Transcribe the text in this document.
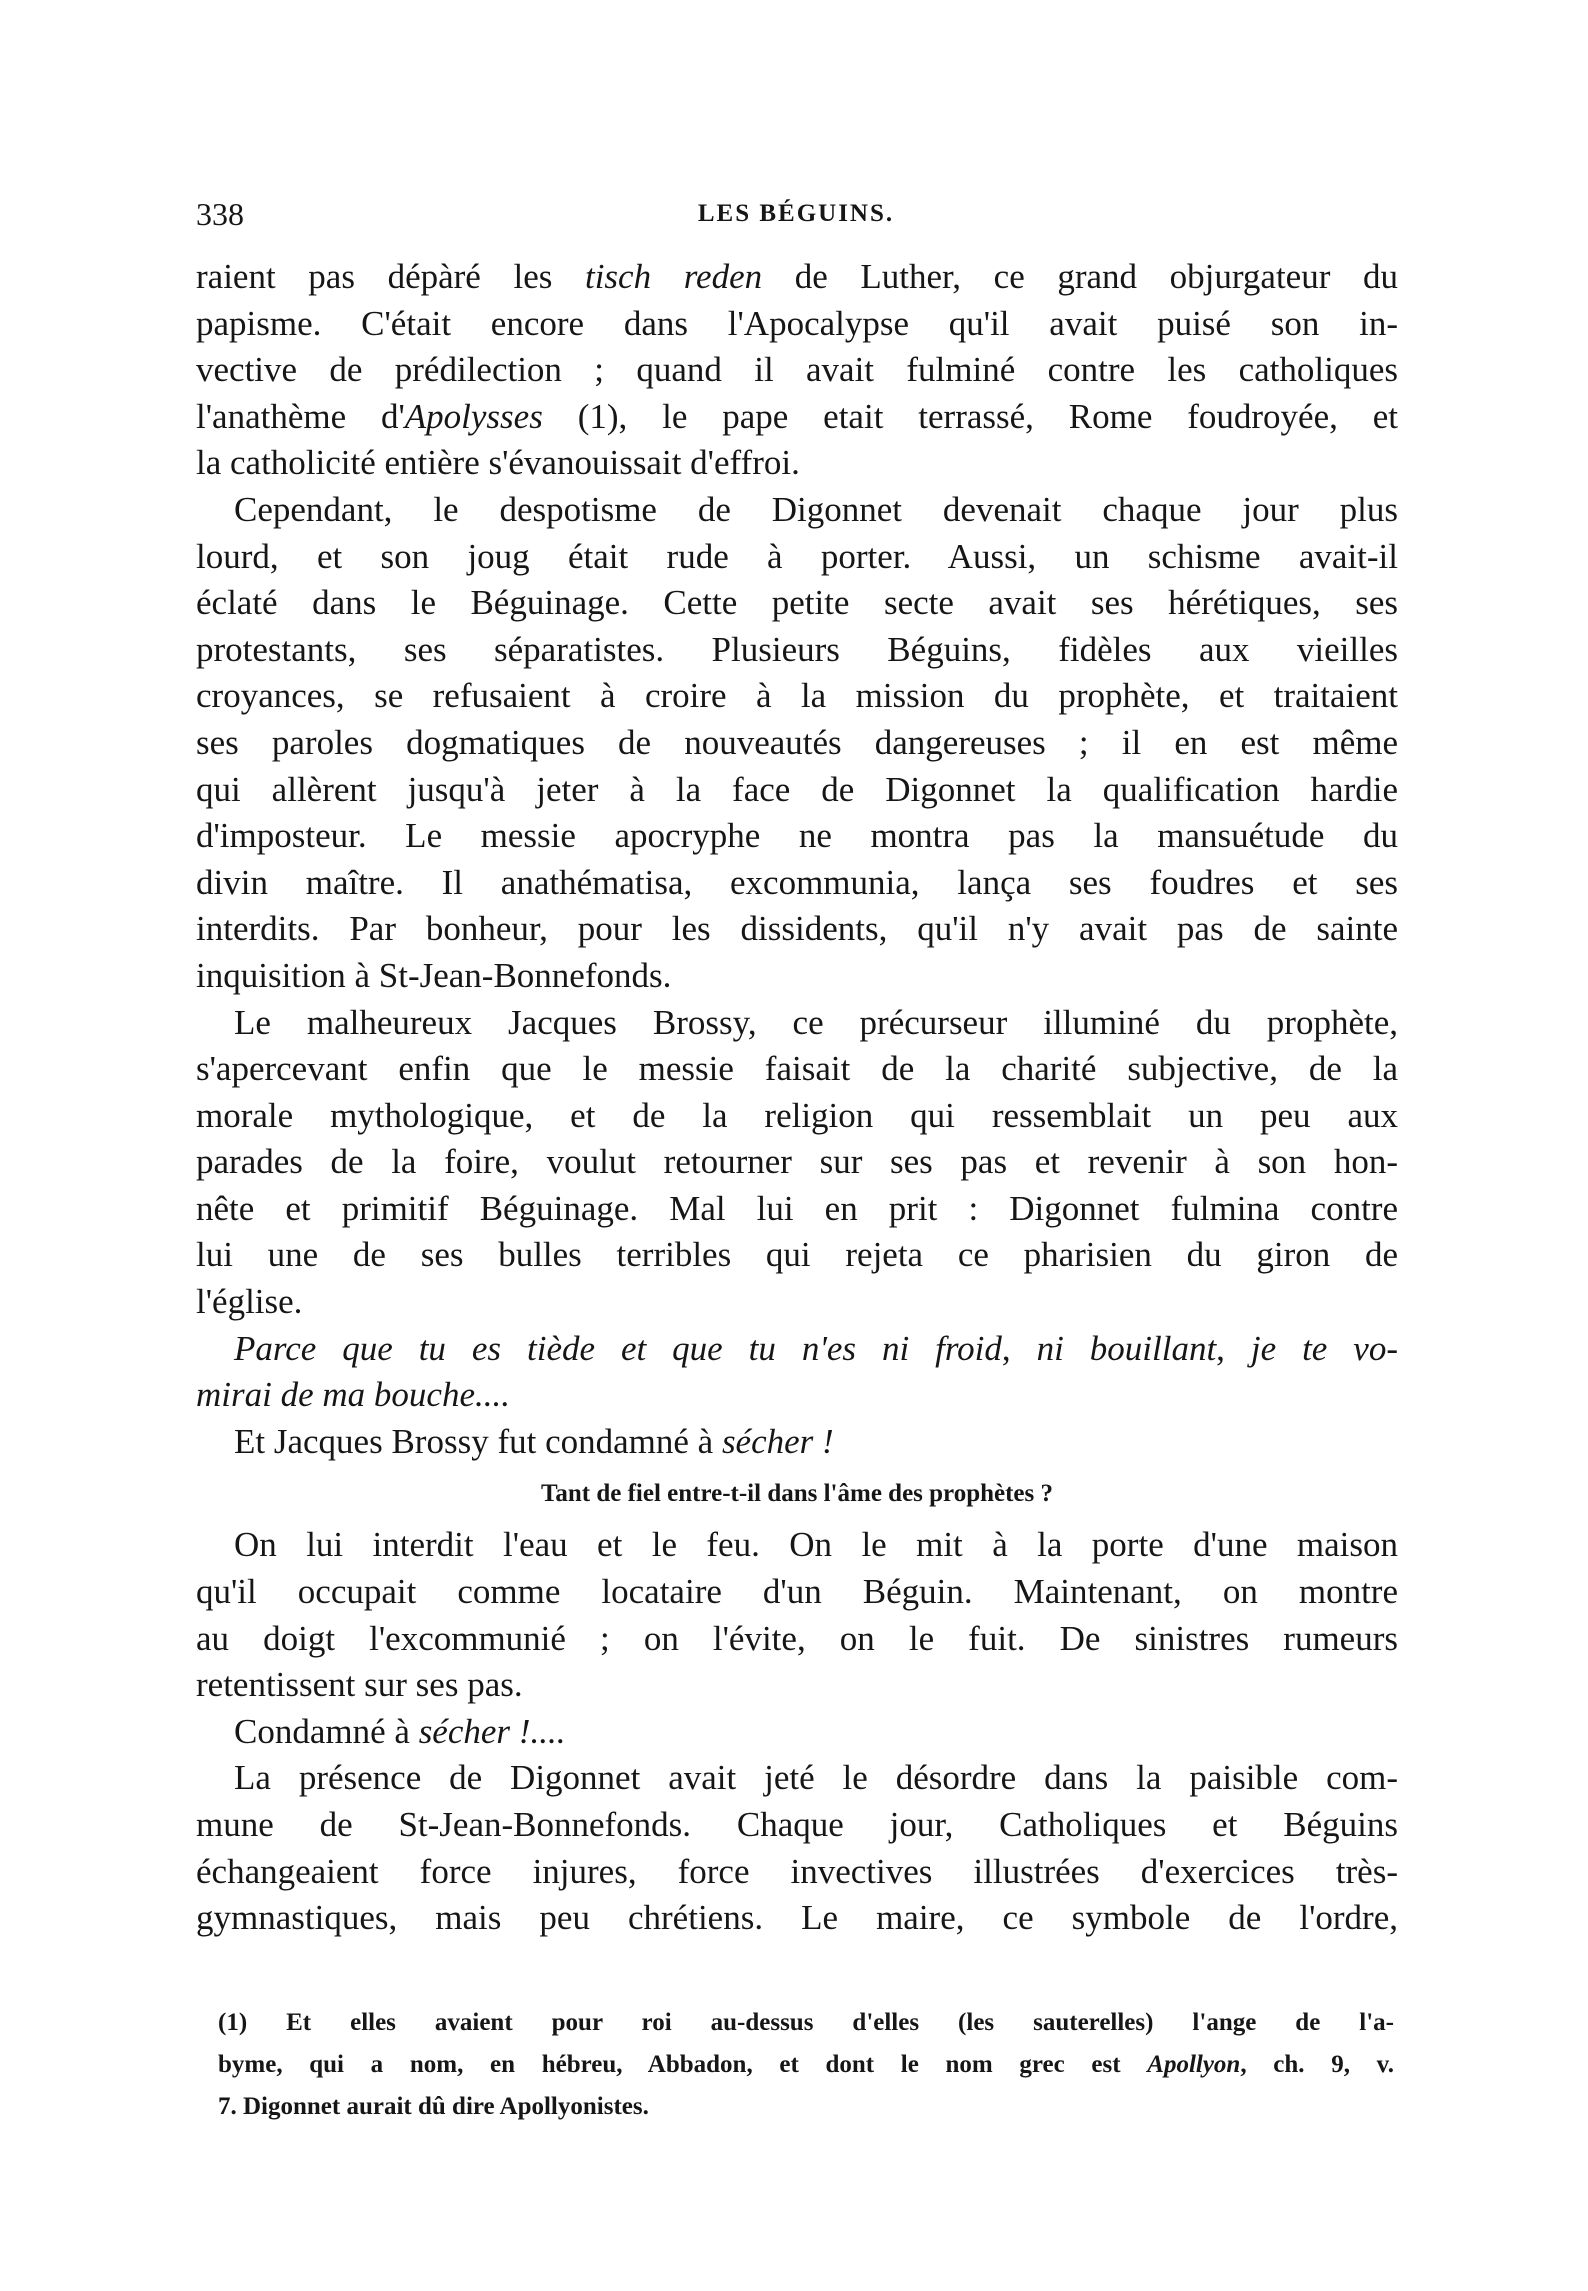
338	LES BÉGUINS.
raient pas dépàré les tisch reden de Luther, ce grand objurgateur du
papisme. C'était encore dans l'Apocalypse qu'il avait puisé son in-
vective de prédilection ; quand il avait fulminé contre les catholiques
l'anathème d'Apolysses (1), le pape etait terrassé, Rome foudroyée, et
la catholicité entière s'évanouissait d'effroi.
Cependant, le despotisme de Digonnet devenait chaque jour plus
lourd, et son joug était rude à porter. Aussi, un schisme avait-il
éclaté dans le Béguinage. Cette petite secte avait ses hérétiques, ses
protestants, ses séparatistes. Plusieurs Béguins, fidèles aux vieilles
croyances, se refusaient à croire à la mission du prophète, et traitaient
ses paroles dogmatiques de nouveautés dangereuses ; il en est même
qui allèrent jusqu'à jeter à la face de Digonnet la qualification hardie
d'imposteur. Le messie apocryphe ne montra pas la mansuétude du
divin maître. Il anathématisa, excommunia, lança ses foudres et ses
interdits. Par bonheur, pour les dissidents, qu'il n'y avait pas de sainte
inquisition à St-Jean-Bonnefonds.
Le malheureux Jacques Brossy, ce précurseur illuminé du prophète,
s'apercevant enfin que le messie faisait de la charité subjective, de la
morale mythologique, et de la religion qui ressemblait un peu aux
parades de la foire, voulut retourner sur ses pas et revenir à son hon-
nête et primitif Béguinage. Mal lui en prit : Digonnet fulmina contre
lui une de ses bulles terribles qui rejeta ce pharisien du giron de
l'église.
Parce que tu es tiède et que tu n'es ni froid, ni bouillant, je te vo-
mirai de ma bouche....
Et Jacques Brossy fut condamné à sécher !
Tant de fiel entre-t-il dans l'âme des prophètes ?
On lui interdit l'eau et le feu. On le mit à la porte d'une maison
qu'il occupait comme locataire d'un Béguin. Maintenant, on montre
au doigt l'excommunié ; on l'évite, on le fuit. De sinistres rumeurs
retentissent sur ses pas.
Condamné à sécher !....
La présence de Digonnet avait jeté le désordre dans la paisible com-
mune de St-Jean-Bonnefonds. Chaque jour, Catholiques et Béguins
échangeaient force injures, force invectives illustrées d'exercices très-
gymnastiques, mais peu chrétiens. Le maire, ce symbole de l'ordre,
(1) Et elles avaient pour roi au-dessus d'elles (les sauterelles) l'ange de l'a-
byme, qui a nom, en hébreu, Abbadon, et dont le nom grec est Apollyon, ch. 9, v.
7. Digonnet aurait dû dire Apollyonistes.
